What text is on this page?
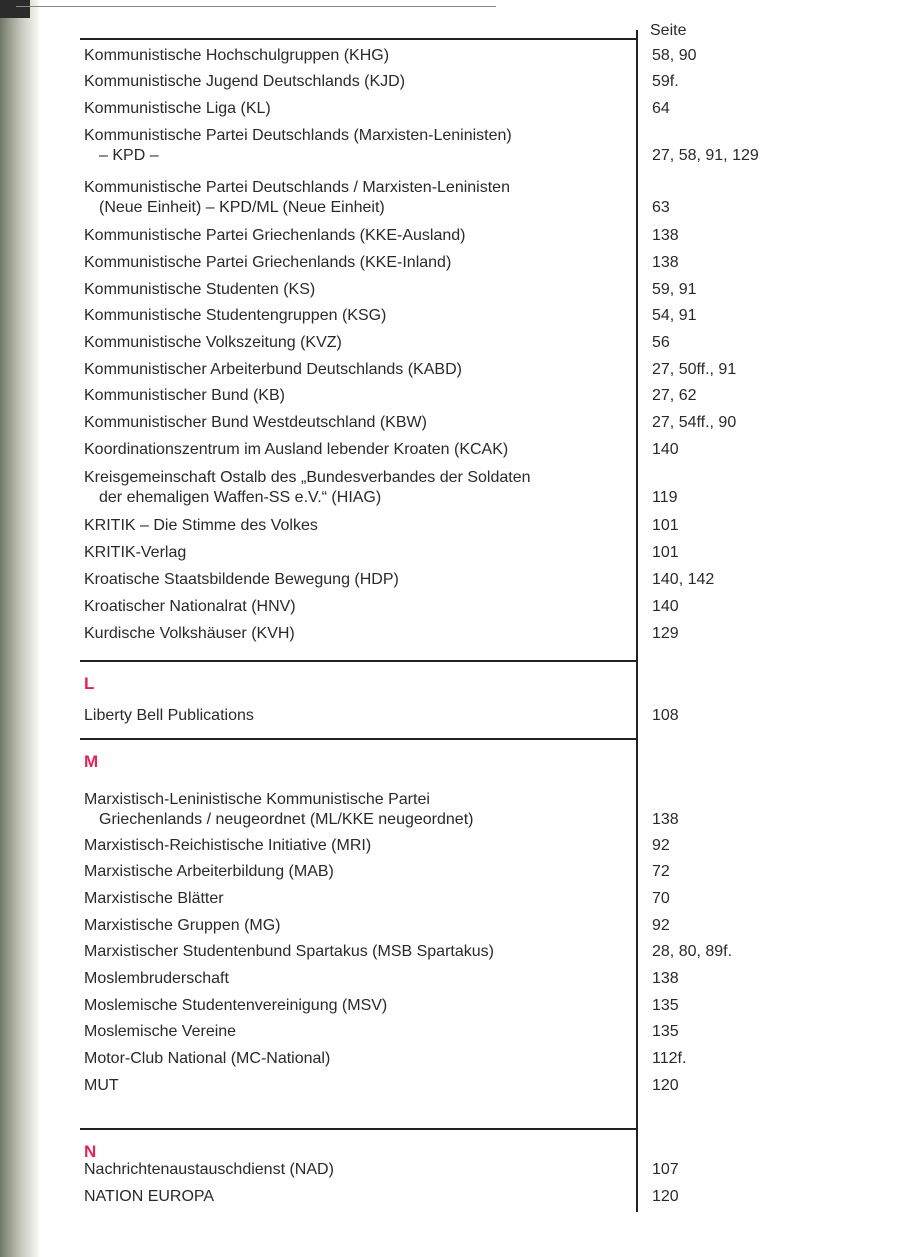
Seite
Kommunistische Hochschulgruppen (KHG)	58, 90
Kommunistische Jugend Deutschlands (KJD)	59f.
Kommunistische Liga (KL)	64
Kommunistische Partei Deutschlands (Marxisten-Leninisten)
– KPD –	27, 58, 91, 129
Kommunistische Partei Deutschlands / Marxisten-Leninisten
(Neue Einheit) – KPD/ML (Neue Einheit)	63
Kommunistische Partei Griechenlands (KKE-Ausland)	138
Kommunistische Partei Griechenlands (KKE-Inland)	138
Kommunistische Studenten (KS)	59, 91
Kommunistische Studentengruppen (KSG)	54, 91
Kommunistische Volkszeitung (KVZ)	56
Kommunistischer Arbeiterbund Deutschlands (KABD)	27, 50ff., 91
Kommunistischer Bund (KB)	27, 62
Kommunistischer Bund Westdeutschland (KBW)	27, 54ff., 90
Koordinationszentrum im Ausland lebender Kroaten (KCAK)	140
Kreisgemeinschaft Ostalb des „Bundesverbandes der Soldaten
der ehemaligen Waffen-SS e.V.“ (HIAG)	119
KRITIK – Die Stimme des Volkes	101
KRITIK-Verlag	101
Kroatische Staatsbildende Bewegung (HDP)	140, 142
Kroatischer Nationalrat (HNV)	140
Kurdische Volkshäuser (KVH)	129
L
Liberty Bell Publications	108
M
Marxistisch-Leninistische Kommunistische Partei
Griechenlands / neugeordnet (ML/KKE neugeordnet)	138
Marxistisch-Reichistische Initiative (MRI)	92
Marxistische Arbeiterbildung (MAB)	72
Marxistische Blätter	70
Marxistische Gruppen (MG)	92
Marxistischer Studentenbund Spartakus (MSB Spartakus)	28, 80, 89f.
Moslembruderschaft	138
Moslemische Studentenvereinigung (MSV)	135
Moslemische Vereine	135
Motor-Club National (MC-National)	112f.
MUT	120
N
Nachrichtenaustauschdienst (NAD)	107
NATION EUROPA	120
